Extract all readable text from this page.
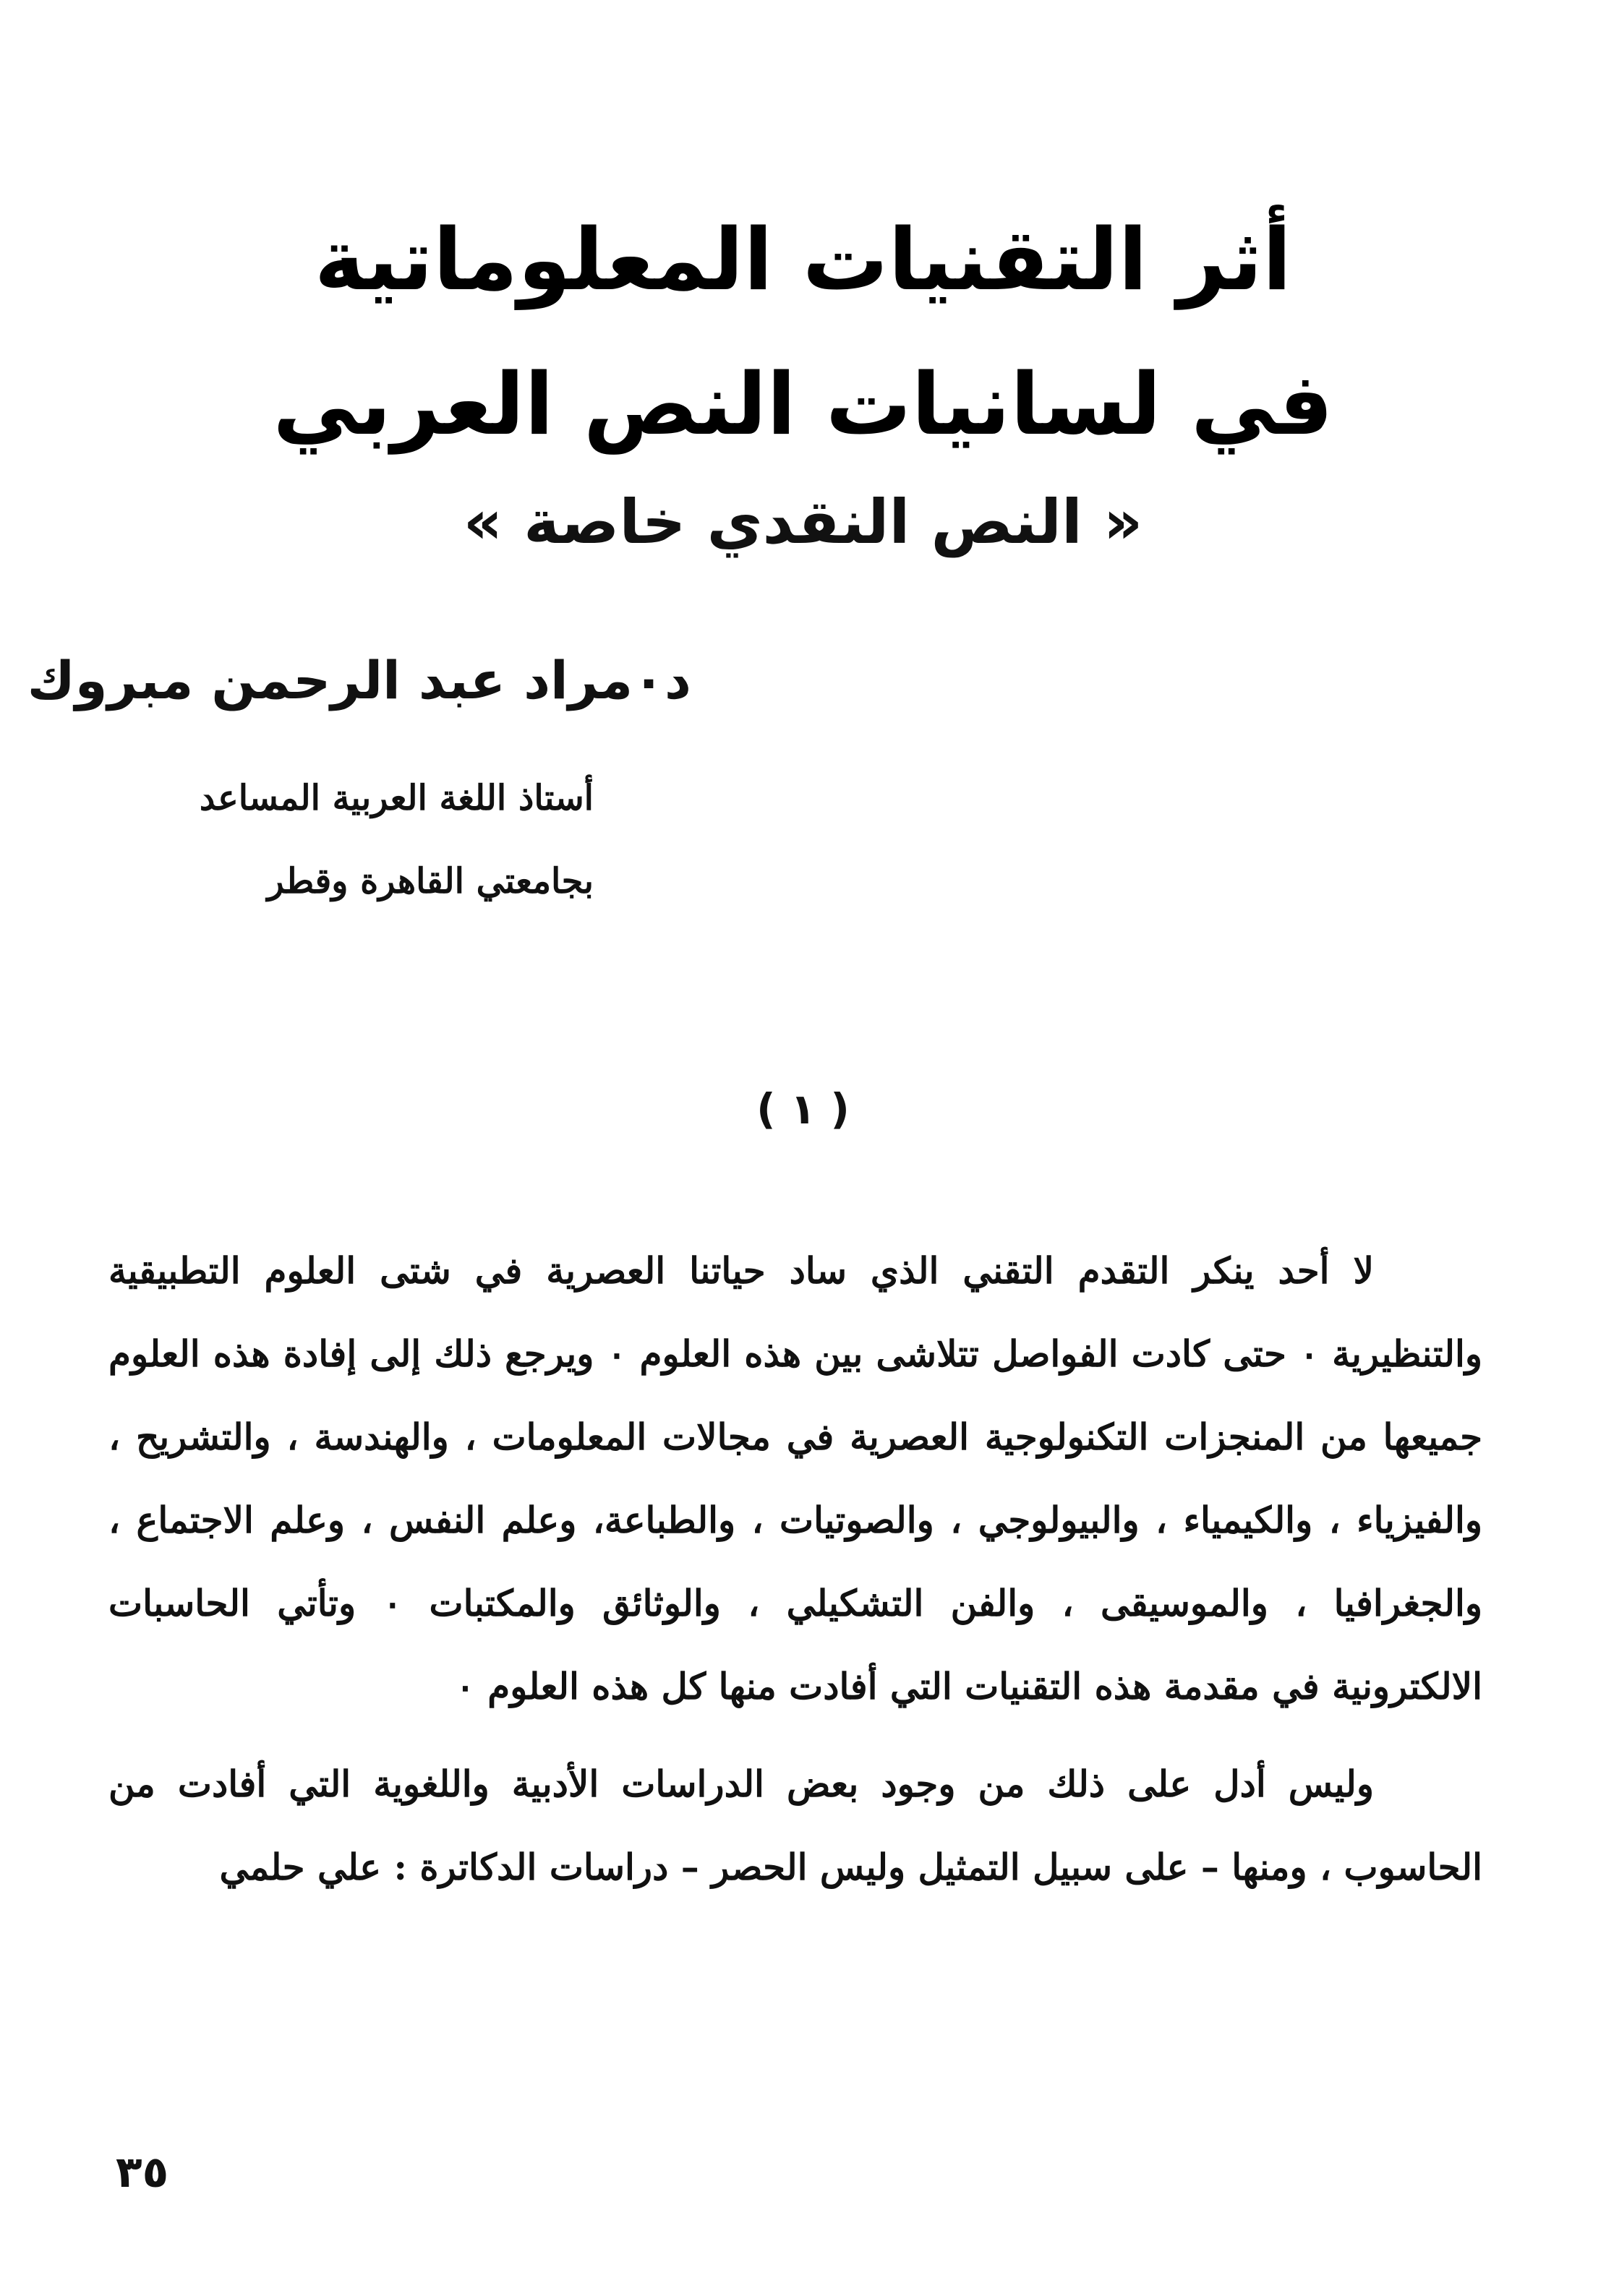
أثر التقنيات المعلوماتية
في لسانيات النص العربي
« النص النقدي خاصة »
د٠مراد عبد الرحمن مبروك
أستاذ اللغة العربية المساعد
بجامعتي القاهرة وقطر
( ١ )

لا أحد ينكر التقدم التقني الذي ساد حياتنا العصرية في شتى العلوم التطبيقية والتنظيرية ٠ حتى كادت الفواصل تتلاشى بين هذه العلوم ٠ ويرجع ذلك إلى إفادة هذه العلوم جميعها من المنجزات التكنولوجية العصرية في مجالات المعلومات ، والهندسة ، والتشريح ، والفيزياء ، والكيمياء ، والبيولوجي ، والصوتيات ، والطباعة، وعلم النفس ، وعلم الاجتماع ، والجغرافيا ، والموسيقى ، والفن التشكيلي ، والوثائق والمكتبات ٠ وتأتي الحاسبات الالكترونية في مقدمة هذه التقنيات التي أفادت منها كل هذه العلوم ٠

وليس أدل على ذلك من وجود بعض الدراسات الأدبية واللغوية التي أفادت من الحاسوب ، ومنها – على سبيل التمثيل وليس الحصر – دراسات الدكاترة : علي حلمي

٣٥
